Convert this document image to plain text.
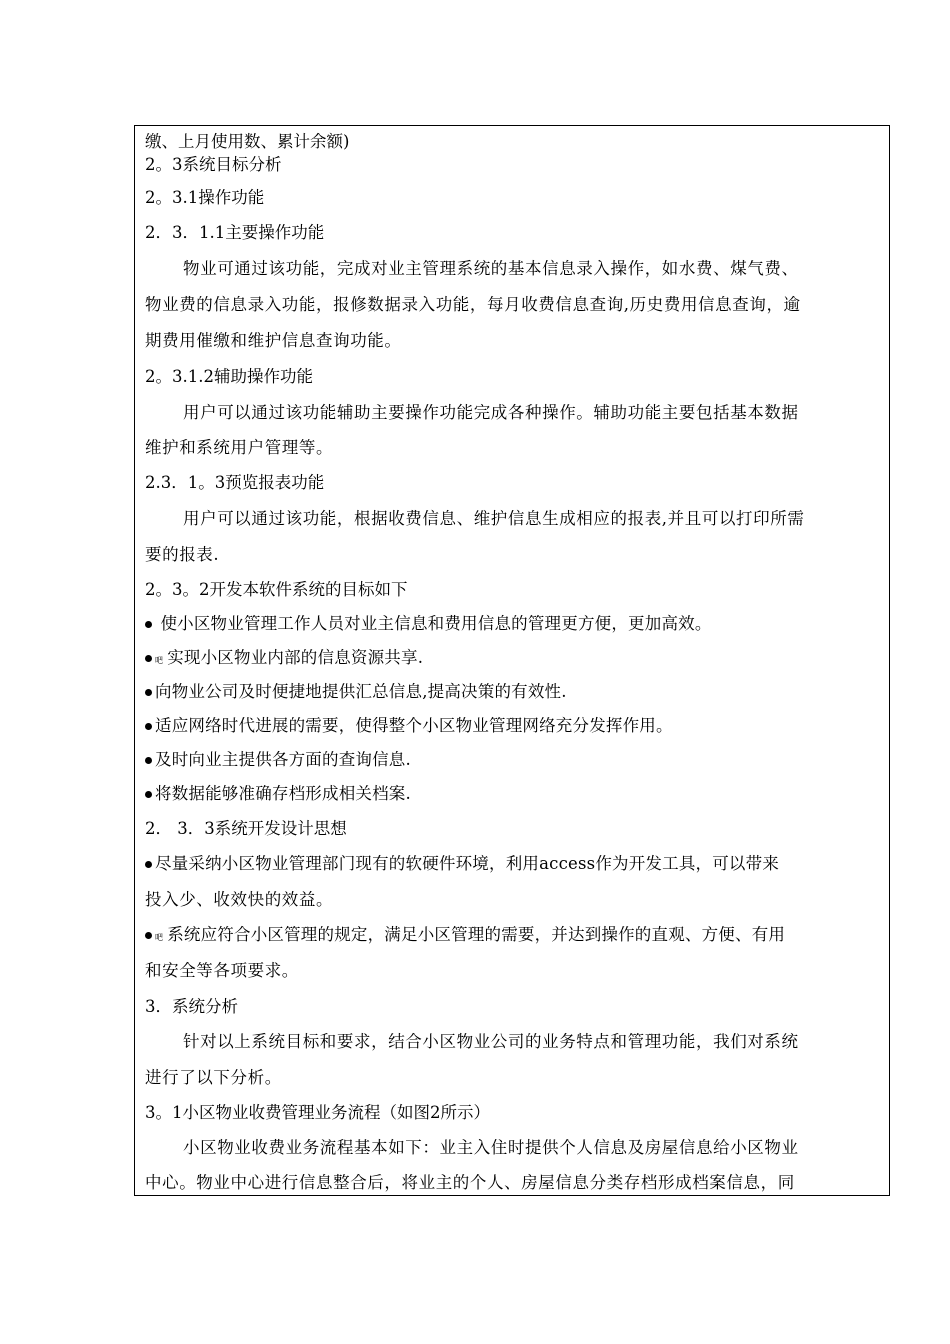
缴、上月使用数、累计余额)
2。3系统目标分析
2。3.1操作功能
2．3．1.1主要操作功能
物业可通过该功能，完成对业主管理系统的基本信息录入操作，如水费、煤气费、
物业费的信息录入功能，报修数据录入功能，每月收费信息查询,历史费用信息查询，逾
期费用催缴和维护信息查询功能。
2。3.1.2辅助操作功能
用户可以通过该功能辅助主要操作功能完成各种操作。辅助功能主要包括基本数据
维护和系统用户管理等。
2.3．1。3预览报表功能
用户可以通过该功能，根据收费信息、维护信息生成相应的报表,并且可以打印所需
要的报表.
2。3。2开发本软件系统的目标如下
使小区物业管理工作人员对业主信息和费用信息的管理更方便，更加高效。
吧 实现小区物业内部的信息资源共享.
向物业公司及时便捷地提供汇总信息,提高决策的有效性.
适应网络时代进展的需要，使得整个小区物业管理网络充分发挥作用。
及时向业主提供各方面的查询信息.
将数据能够准确存档形成相关档案.
2． 3．3系统开发设计思想
尽量采纳小区物业管理部门现有的软硬件环境，利用access作为开发工具，可以带来
投入少、收效快的效益。
吧 系统应符合小区管理的规定，满足小区管理的需要，并达到操作的直观、方便、有用
和安全等各项要求。
3．系统分析
针对以上系统目标和要求，结合小区物业公司的业务特点和管理功能，我们对系统
进行了以下分析。
3。1小区物业收费管理业务流程（如图2所示）
小区物业收费业务流程基本如下：业主入住时提供个人信息及房屋信息给小区物业
中心。物业中心进行信息整合后，将业主的个人、房屋信息分类存档形成档案信息，同
